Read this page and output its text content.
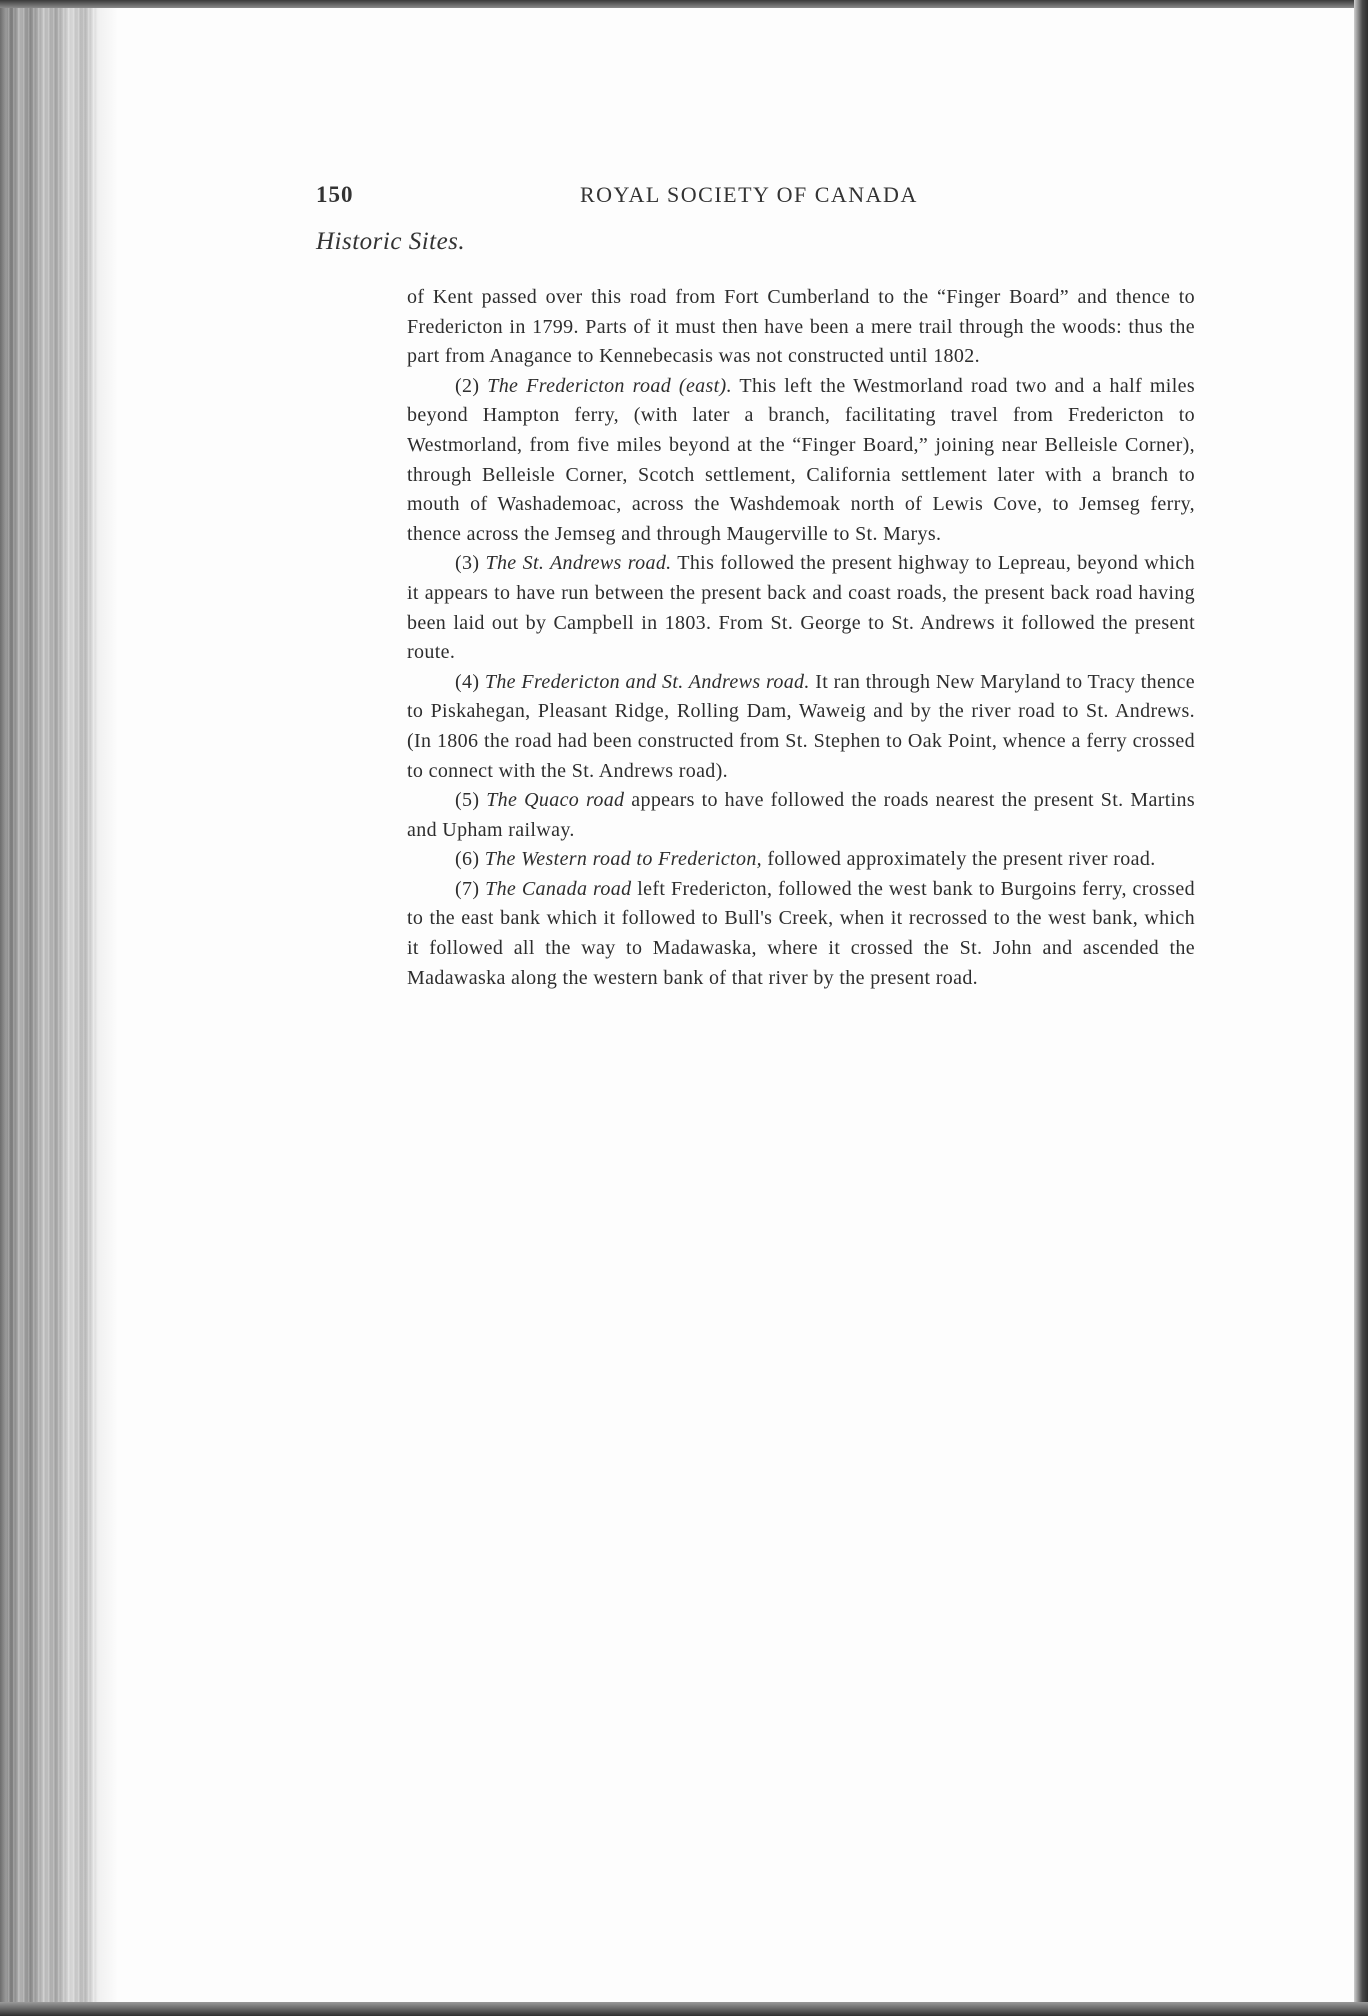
150	ROYAL SOCIETY OF CANADA
Historic Sites.

of Kent passed over this road from Fort Cumberland to the “Finger Board” and thence to Fredericton in 1799. Parts of it must then have been a mere trail through the woods: thus the part from Anagance to Kennebecasis was not constructed until 1802.

(2) The Fredericton road (east). This left the Westmorland road two and a half miles beyond Hampton ferry, (with later a branch, facilitating travel from Fredericton to Westmorland, from five miles beyond at the “Finger Board,” joining near Belleisle Corner), through Belleisle Corner, Scotch settlement, California settlement later with a branch to mouth of Washademoac, across the Washdemoak north of Lewis Cove, to Jemseg ferry, thence across the Jemseg and through Maugerville to St. Marys.

(3) The St. Andrews road. This followed the present highway to Lepreau, beyond which it appears to have run between the present back and coast roads, the present back road having been laid out by Campbell in 1803. From St. George to St. Andrews it followed the present route.

(4) The Fredericton and St. Andrews road. It ran through New Maryland to Tracy thence to Piskahegan, Pleasant Ridge, Rolling Dam, Waweig and by the river road to St. Andrews. (In 1806 the road had been constructed from St. Stephen to Oak Point, whence a ferry crossed to connect with the St. Andrews road).

(5) The Quaco road appears to have followed the roads nearest the present St. Martins and Upham railway.

(6) The Western road to Fredericton, followed approximately the present river road.

(7) The Canada road left Fredericton, followed the west bank to Burgoins ferry, crossed to the east bank which it followed to Bull's Creek, when it recrossed to the west bank, which it followed all the way to Madawaska, where it crossed the St. John and ascended the Madawaska along the western bank of that river by the present road.
